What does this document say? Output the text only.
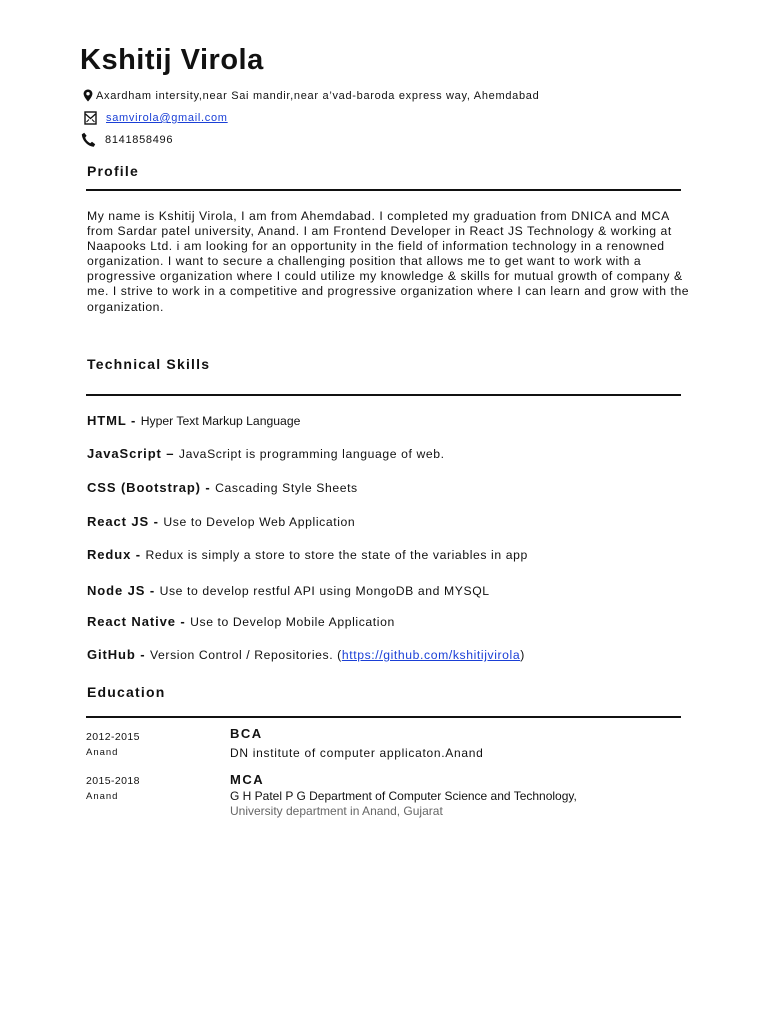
Kshitij Virola
Axardham intersity,near Sai mandir,near a’vad-baroda express way, Ahemdabad
samvirola@gmail.com
8141858496
Profile
My name is Kshitij Virola, I am from Ahemdabad. I completed my graduation from DNICA and MCA from Sardar patel university, Anand. I am Frontend Developer in React JS Technology & working at Naapooks Ltd. i am looking for an opportunity in the field of information technology in a renowned organization. I want to secure a challenging position that allows me to get want to work with a progressive organization where I could utilize my knowledge & skills for mutual growth of company & me. I strive to work in a competitive and progressive organization where I can learn and grow with the organization.
Technical Skills
HTML - Hyper Text Markup Language
JavaScript – JavaScript is programming language of web.
CSS (Bootstrap) - Cascading Style Sheets
React JS - Use to Develop Web Application
Redux - Redux is simply a store to store the state of the variables in app
Node JS - Use to develop restful API using MongoDB and MYSQL
React Native - Use to Develop Mobile Application
GitHub - Version Control / Repositories. (https://github.com/kshitijvirola)
Education
2012-2015
Anand
BCA
DN institute of computer applicaton.Anand
2015-2018
Anand
MCA
G H Patel P G Department of Computer Science and Technology,
University department in Anand, Gujarat
